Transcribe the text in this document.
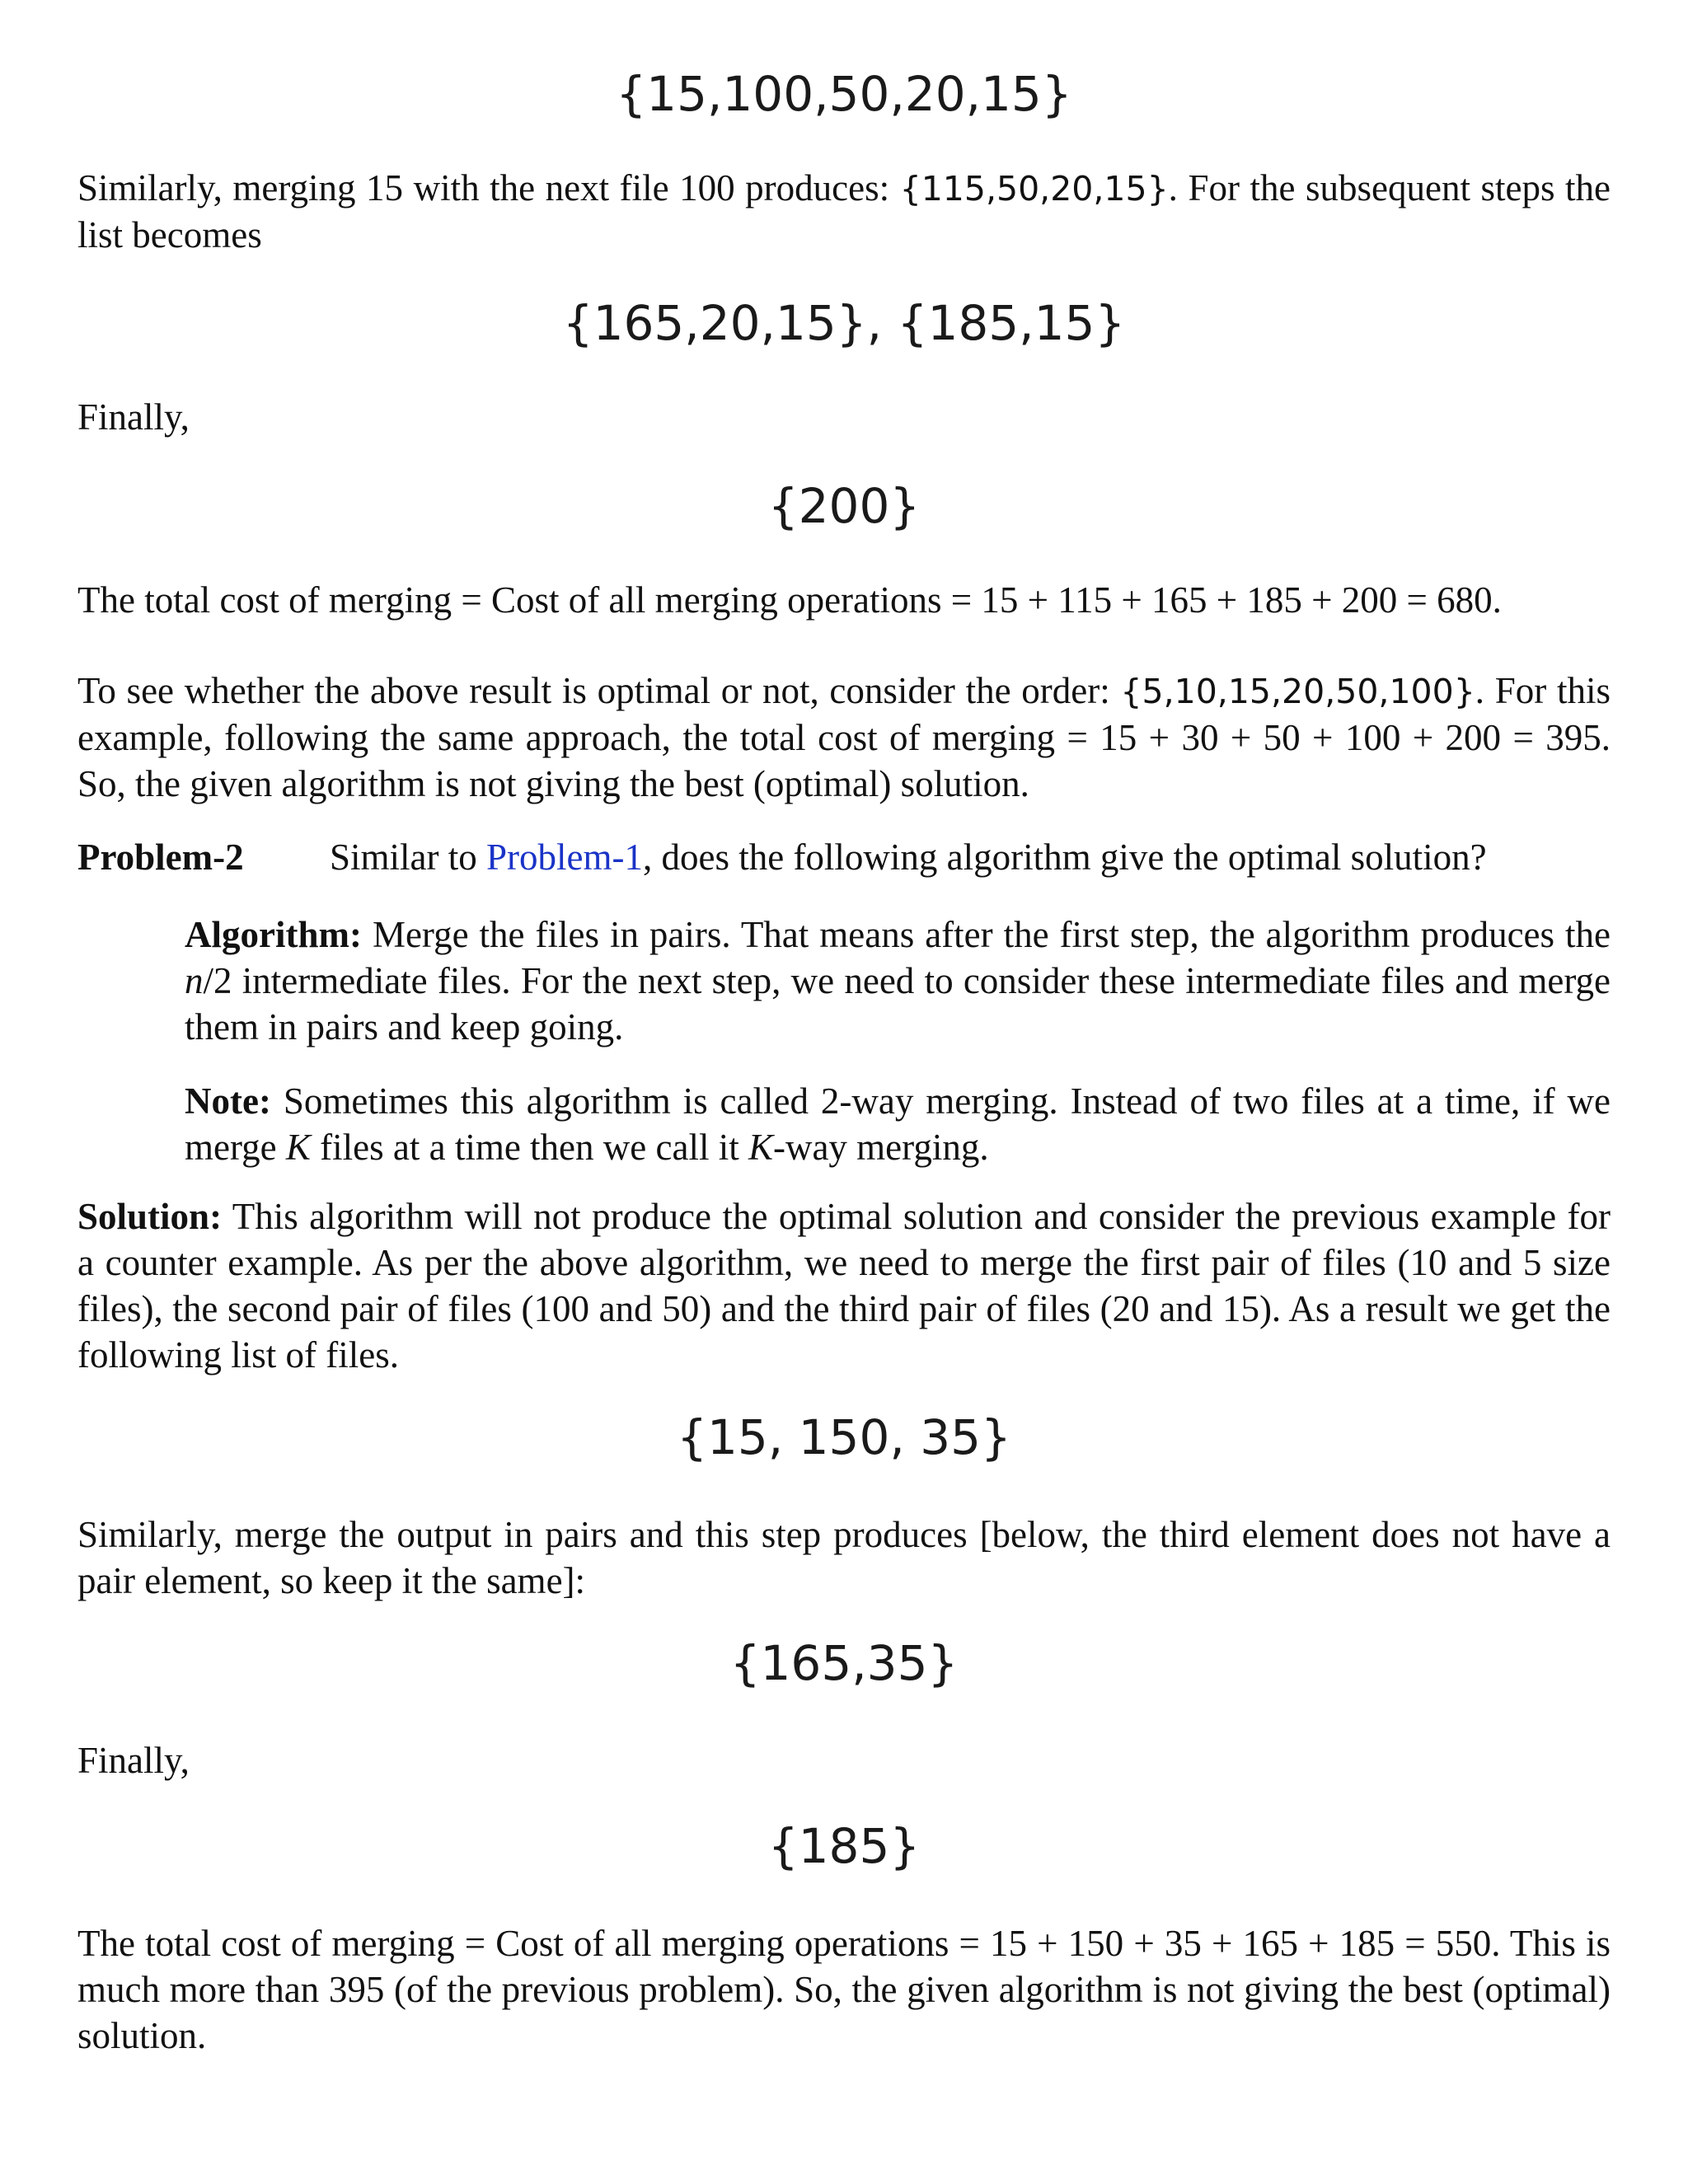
{15,100,50,20,15}
Similarly, merging 15 with the next file 100 produces: {115,50,20,15}. For the subsequent steps the list becomes
{165,20,15}, {185,15}
Finally,
{200}
The total cost of merging = Cost of all merging operations = 15 + 115 + 165 + 185 + 200 = 680.
To see whether the above result is optimal or not, consider the order: {5,10,15,20,50,100}. For this example, following the same approach, the total cost of merging = 15 + 30 + 50 + 100 + 200 = 395. So, the given algorithm is not giving the best (optimal) solution.
Problem-2	Similar to Problem-1, does the following algorithm give the optimal solution?
Algorithm: Merge the files in pairs. That means after the first step, the algorithm produces the n/2 intermediate files. For the next step, we need to consider these intermediate files and merge them in pairs and keep going.
Note: Sometimes this algorithm is called 2-way merging. Instead of two files at a time, if we merge K files at a time then we call it K-way merging.
Solution: This algorithm will not produce the optimal solution and consider the previous example for a counter example. As per the above algorithm, we need to merge the first pair of files (10 and 5 size files), the second pair of files (100 and 50) and the third pair of files (20 and 15). As a result we get the following list of files.
{15, 150, 35}
Similarly, merge the output in pairs and this step produces [below, the third element does not have a pair element, so keep it the same]:
{165,35}
Finally,
{185}
The total cost of merging = Cost of all merging operations = 15 + 150 + 35 + 165 + 185 = 550. This is much more than 395 (of the previous problem). So, the given algorithm is not giving the best (optimal) solution.
